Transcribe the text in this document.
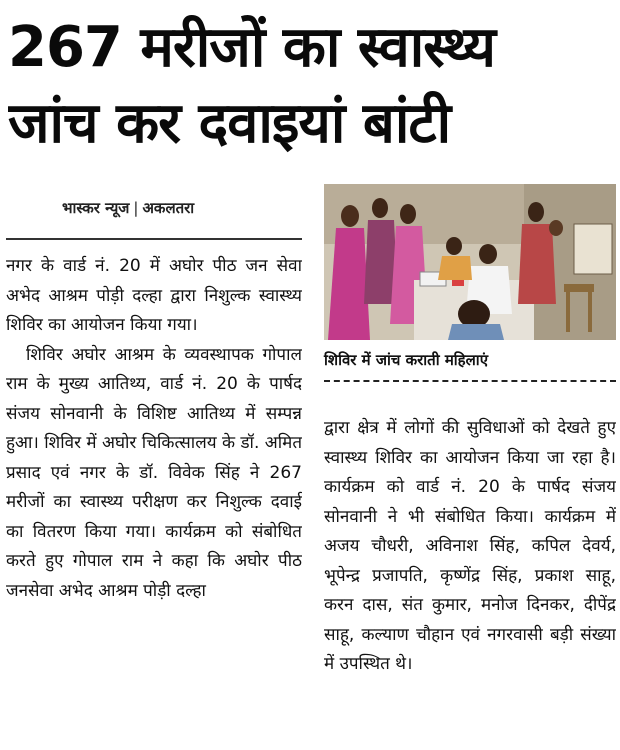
267 मरीजों का स्वास्थ्य
जांच कर दवाइयां बांटी
भास्कर न्यूज | अकलतरा

नगर के वार्ड नं. 20 में अघोर पीठ जन सेवा अभेद आश्रम पोड़ी दल्हा द्वारा निशुल्क स्वास्थ्य शिविर का आयोजन किया गया।

शिविर अघोर आश्रम के व्यवस्थापक गोपाल राम के मुख्य आतिथ्य, वार्ड नं. 20 के पार्षद संजय सोनवानी के विशिष्ट आतिथ्य में सम्पन्न हुआ। शिविर में अघोर चिकित्सालय के डॉ. अमित प्रसाद एवं नगर के डॉ. विवेक सिंह ने 267 मरीजों का स्वास्थ्य परीक्षण कर निशुल्क दवाई का वितरण किया गया। कार्यक्रम को संबोधित करते हुए गोपाल राम ने कहा कि अघोर पीठ जनसेवा अभेद आश्रम पोड़ी दल्हा

शिविर में जांच कराती महिलाएं

द्वारा क्षेत्र में लोगों की सुविधाओं को देखते हुए स्वास्थ्य शिविर का आयोजन किया जा रहा है। कार्यक्रम को वार्ड नं. 20 के पार्षद संजय सोनवानी ने भी संबोधित किया। कार्यक्रम में अजय चौधरी, अविनाश सिंह, कपिल देवर्य, भूपेन्द्र प्रजापति, कृष्णेंद्र सिंह, प्रकाश साहू, करन दास, संत कुमार, मनोज दिनकर, दीपेंद्र साहू, कल्याण चौहान एवं नगरवासी बड़ी संख्या में उपस्थित थे।
